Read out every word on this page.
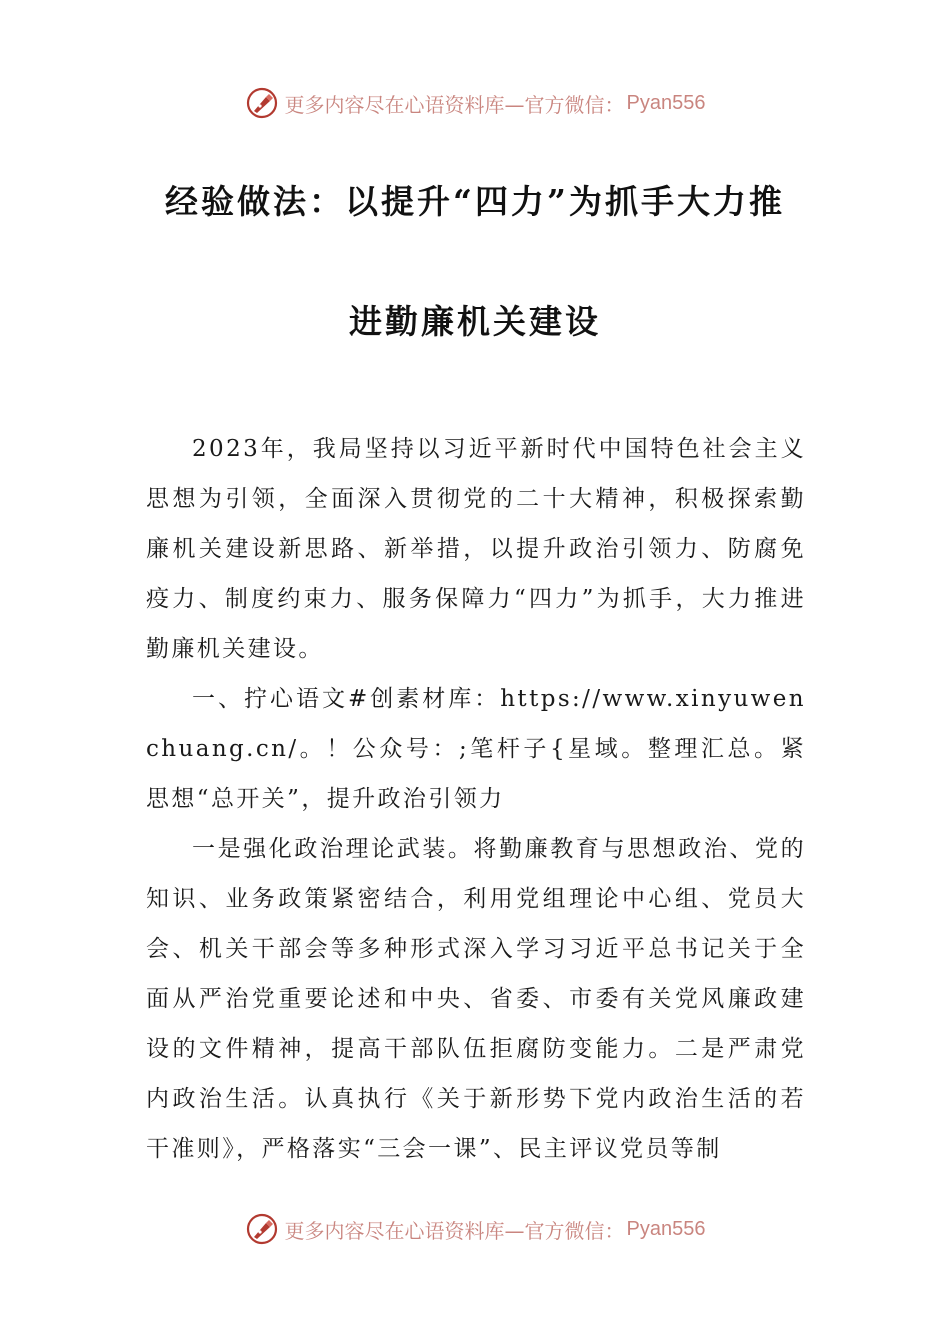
更多内容尽在心语资料库—官方微信： Pyan556
经验做法：以提升“四力”为抓手大力推
进勤廉机关建设

2023年，我局坚持以习近平新时代中国特色社会主义思想为引领，全面深入贯彻党的二十大精神，积极探索勤廉机关建设新思路、新举措，以提升政治引领力、防腐免疫力、制度约束力、服务保障力“四力”为抓手，大力推进勤廉机关建设。

一、拧心语文#创素材库：https://www.xinyuwenchuang.cn/。！公众号：;笔杆子{星域。整理汇总。紧思想“总开关”，提升政治引领力

一是强化政治理论武装。将勤廉教育与思想政治、党的知识、业务政策紧密结合，利用党组理论中心组、党员大会、机关干部会等多种形式深入学习习近平总书记关于全面从严治党重要论述和中央、省委、市委有关党风廉政建设的文件精神，提高干部队伍拒腐防变能力。二是严肃党内政治生活。认真执行《关于新形势下党内政治生活的若干准则》，严格落实“三会一课”、民主评议党员等制

更多内容尽在心语资料库—官方微信： Pyan556
